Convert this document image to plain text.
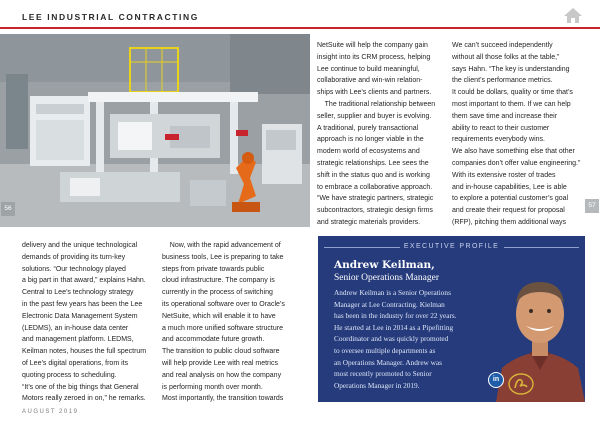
LEE INDUSTRIAL CONTRACTING
56	57

NetSuite will help the company gain

insight into its CRM process, helping

Lee continue to build meaningful,

collaborative and win-win relation-

ships with Lee’s clients and partners.

The traditional relationship between

seller, supplier and buyer is evolving.

A traditional, purely transactional

approach is no longer viable in the

modern world of ecosystems and

strategic relationships. Lee sees the

shift in the status quo and is working

to embrace a collaborative approach.

“We have strategic partners, strategic

subcontractors, strategic design firms

and strategic materials providers.

We can’t succeed independently

without all those folks at the table,”

says Hahn. “The key is understanding

the client’s performance metrics.

It could be dollars, quality or time that’s

most important to them. If we can help

them save time and increase their

ability to react to their customer

requirements everybody wins.

We also have something else that other

companies don’t offer value engineering.”

With its extensive roster of trades

and in-house capabilities, Lee is able

to explore a potential customer’s goal

and create their request for proposal

(RFP), pitching them additional ways

delivery and the unique technological

demands of providing its turn-key

solutions. “Our technology played

a big part in that award,” explains Hahn.

Central to Lee’s technology strategy

in the past few years has been the Lee

Electronic Data Management System

(LEDMS), an in-house data center

and management platform. LEDMS,

Keilman notes, houses the full spectrum

of Lee’s digital operations, from its

quoting process to scheduling.

“It’s one of the big things that General

Motors really zeroed in on,” he remarks.

Now, with the rapid advancement of

business tools, Lee is preparing to take

steps from private towards public

cloud infrastructure. The company is

currently in the process of switching

its operational software over to Oracle’s

NetSuite, which will enable it to have

a much more unified software structure

and accommodate future growth.

The transition to public cloud software

will help provide Lee with real metrics

and real analysis on how the company

is performing month over month.

Most importantly, the transition towards

EXECUTIVE PROFILE
Andrew Keilman,
Senior Operations Manager

Andrew Keilman is a Senior Operations

Manager at Lee Contracting. Kielman

has been in the industry for over 22 years.

He started at Lee in 2014 as a Pipefitting

Coordinator and was quickly promoted

to oversee multiple departments as

an Operations Manager. Andrew was

most recently promoted to Senior

Operations Manager in 2019.

in
AUGUST 2019
